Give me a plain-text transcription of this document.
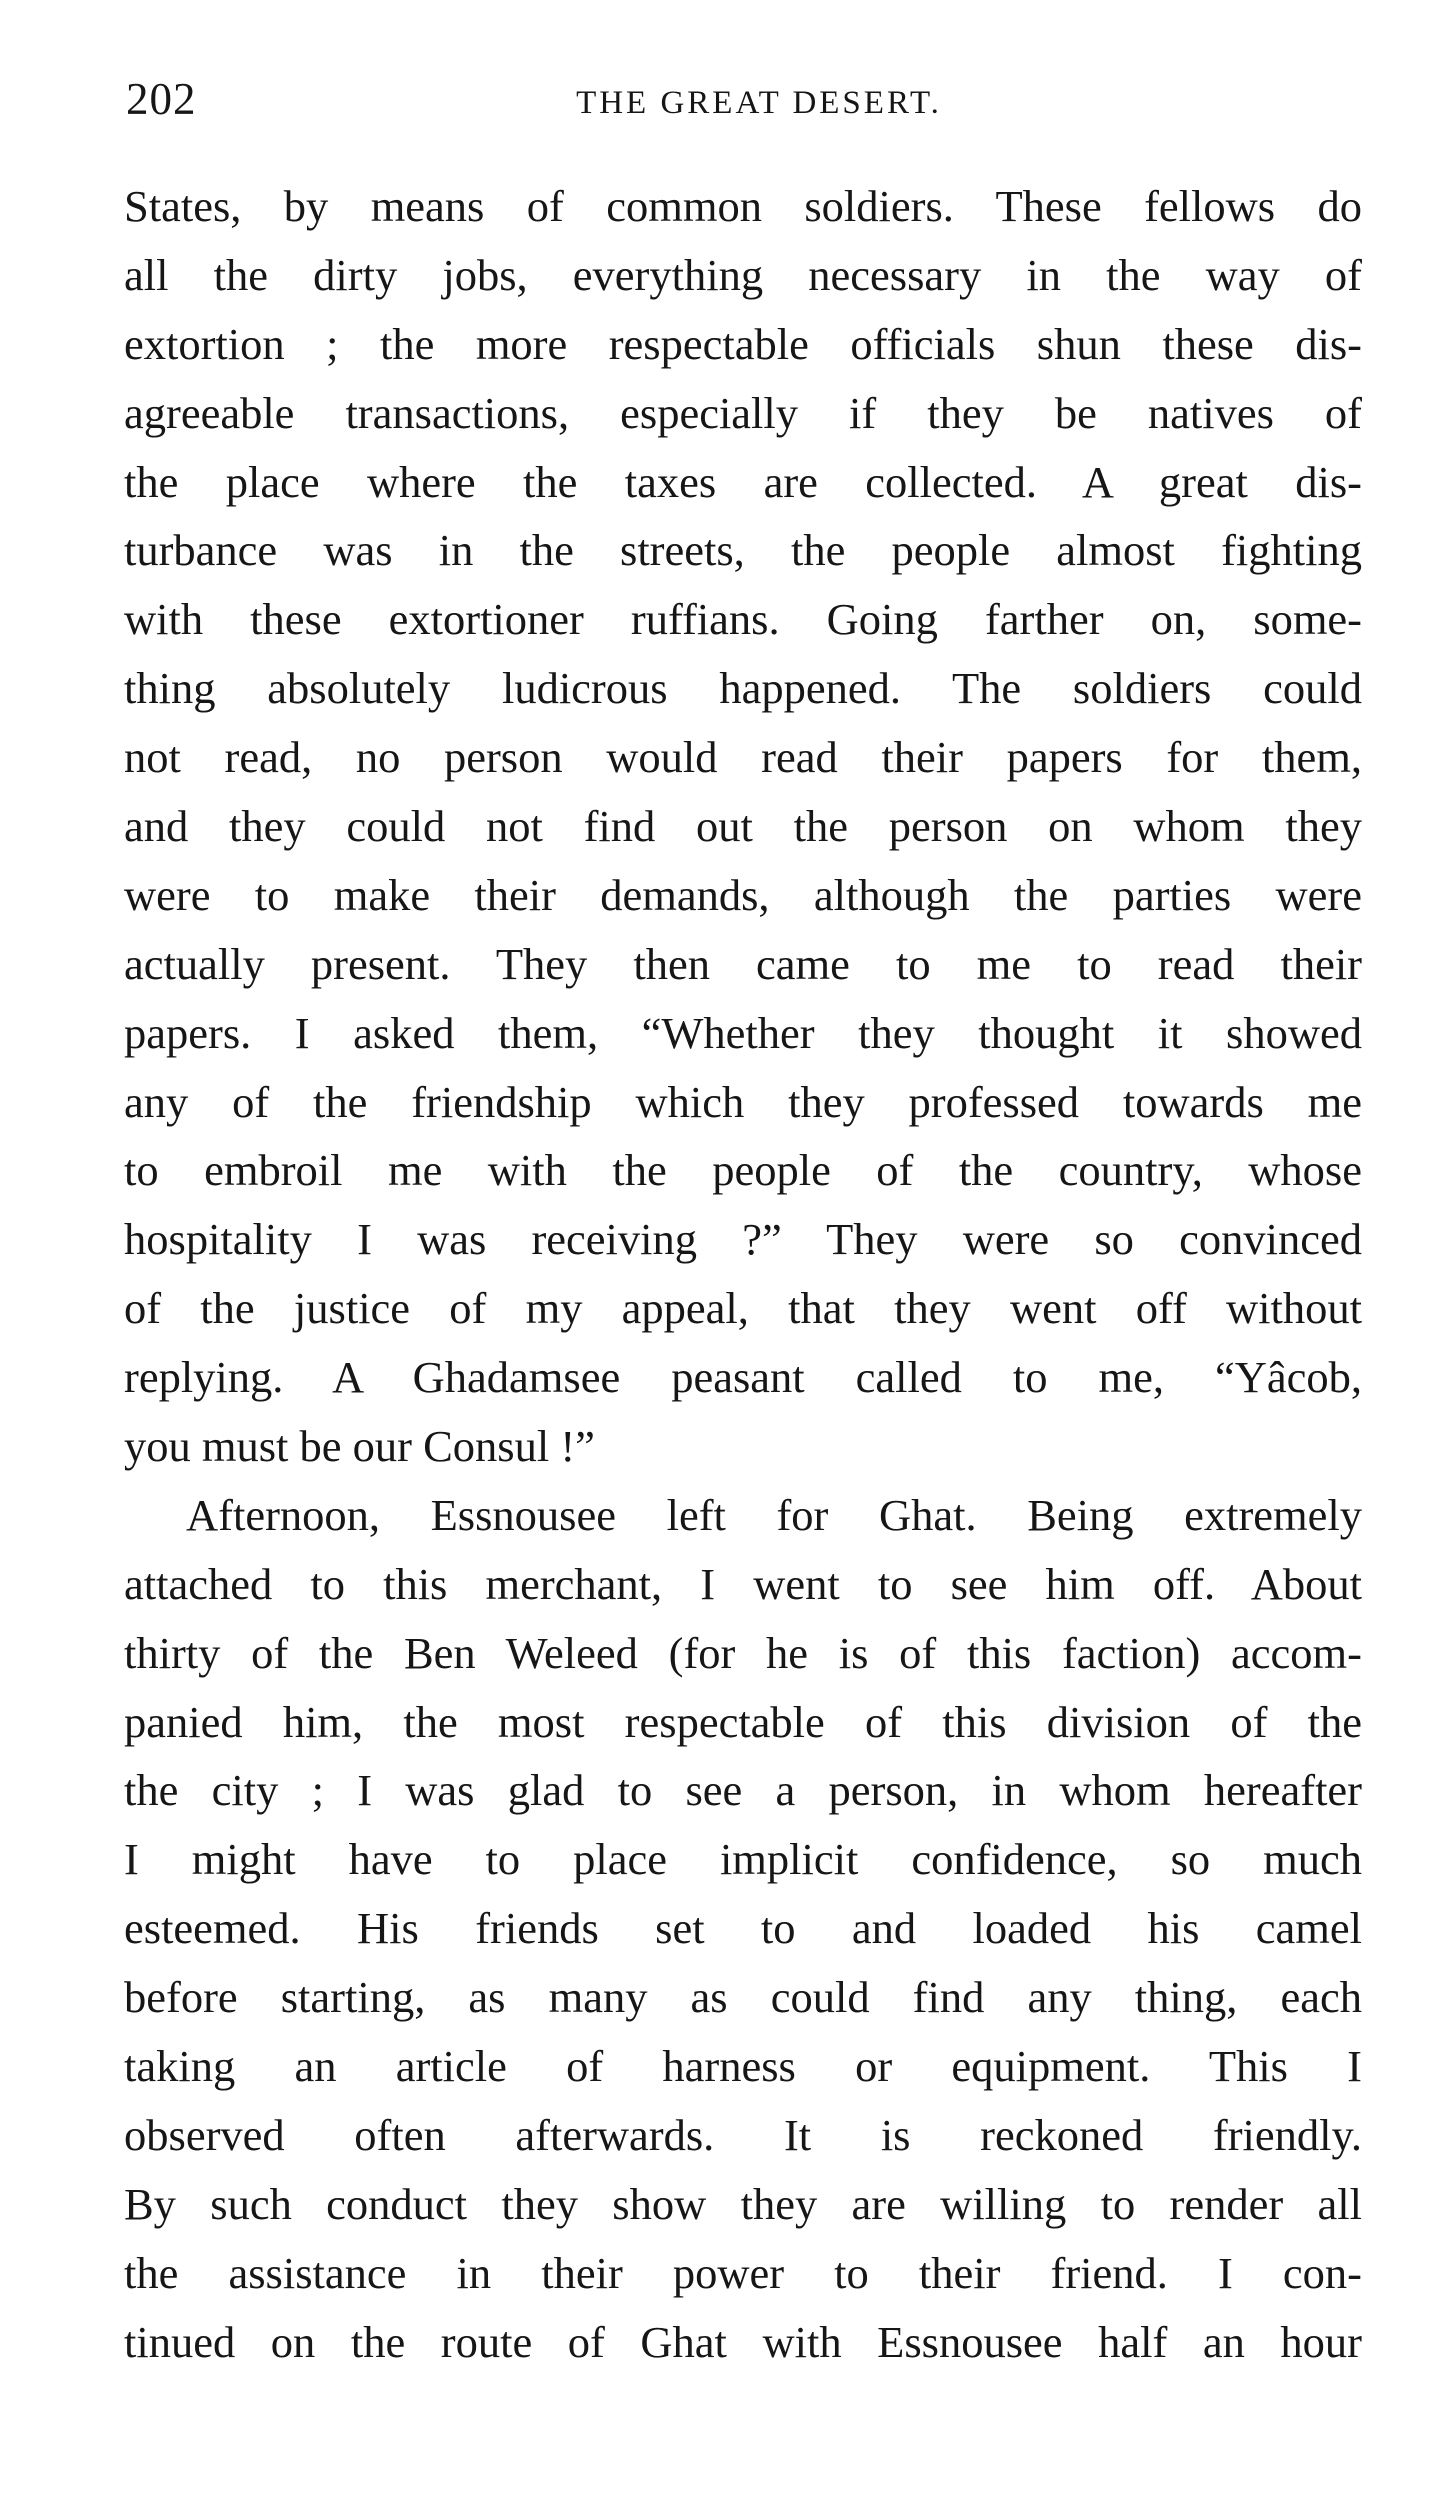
202	THE GREAT DESERT.
States, by means of common soldiers. These fellows do
all the dirty jobs, everything necessary in the way of
extortion ; the more respectable officials shun these dis-
agreeable transactions, especially if they be natives of
the place where the taxes are collected. A great dis-
turbance was in the streets, the people almost fighting
with these extortioner ruffians. Going farther on, some-
thing absolutely ludicrous happened. The soldiers could
not read, no person would read their papers for them,
and they could not find out the person on whom they
were to make their demands, although the parties were
actually present. They then came to me to read their
papers. I asked them, “Whether they thought it showed
any of the friendship which they professed towards me
to embroil me with the people of the country, whose
hospitality I was receiving ?” They were so convinced
of the justice of my appeal, that they went off without
replying. A Ghadamsee peasant called to me, “Yâcob,
you must be our Consul !”
Afternoon, Essnousee left for Ghat. Being extremely
attached to this merchant, I went to see him off. About
thirty of the Ben Weleed (for he is of this faction) accom-
panied him, the most respectable of this division of the
the city ; I was glad to see a person, in whom hereafter
I might have to place implicit confidence, so much
esteemed. His friends set to and loaded his camel
before starting, as many as could find any thing, each
taking an article of harness or equipment. This I
observed often afterwards. It is reckoned friendly.
By such conduct they show they are willing to render all
the assistance in their power to their friend. I con-
tinued on the route of Ghat with Essnousee half an hour
